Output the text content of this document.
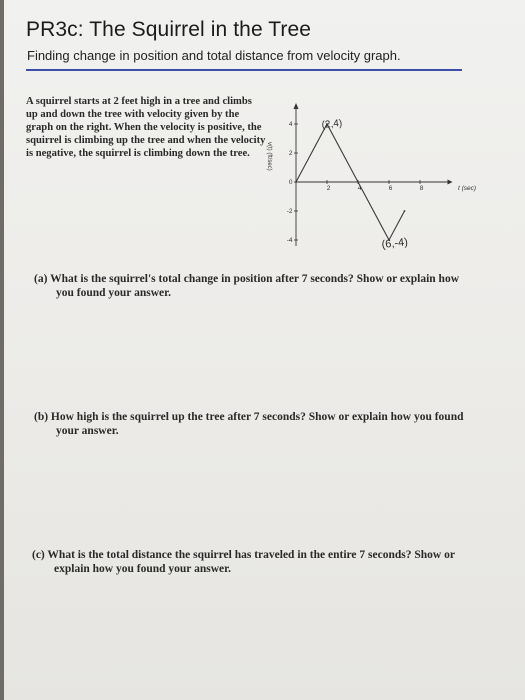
PR3c: The Squirrel in the Tree

Finding change in position and total distance from velocity graph.

A squirrel starts at 2 feet high in a tree and climbs up and down the tree with velocity given by the graph on the right. When the velocity is positive, the squirrel is climbing up the tree and when the velocity is negative, the squirrel is climbing down the tree.
4
2
0
-2
-4
2	4	6	8
v(t) (ft/sec)
t (sec)
(2,4)
(6,-4)
(a) What is the squirrel's total change in position after 7 seconds? Show or explain how you found your answer.
(b) How high is the squirrel up the tree after 7 seconds? Show or explain how you found your answer.
(c) What is the total distance the squirrel has traveled in the entire 7 seconds? Show or explain how you found your answer.
